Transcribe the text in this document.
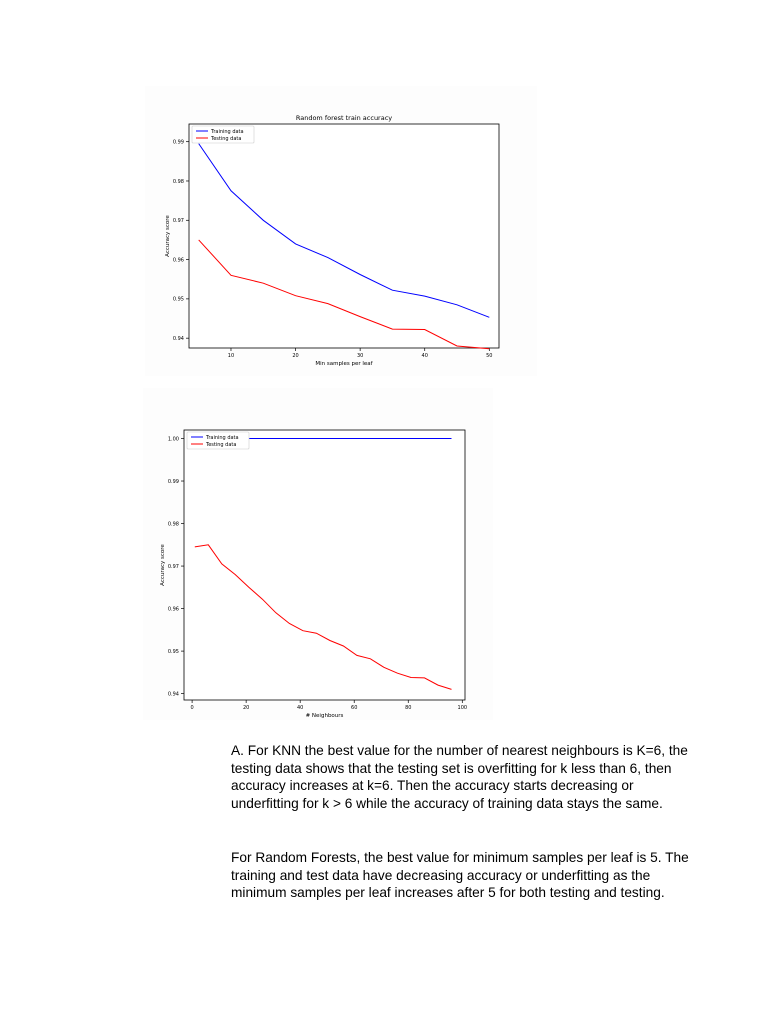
Random forest train accuracy
10	20	30	40	50
0.94
0.95
0.96
0.97
0.98
0.99
Min samples per leaf
Accuracy score
Training data
Testing data
0	20	40	60	80	100
0.94
0.95
0.96
0.97
0.98
0.99
1.00
# Neighbours
Accuracy score
Training data
Testing data

A. For KNN the best value for the number of nearest neighbours is K=6, the testing data shows that the testing set is overfitting for k less than 6, then accuracy increases at k=6. Then the accuracy starts decreasing or underfitting for k > 6 while the accuracy of training data stays the same.

For Random Forests, the best value for minimum samples per leaf is 5. The training and test data have decreasing accuracy or underfitting as the minimum samples per leaf increases after 5 for both testing and testing.
